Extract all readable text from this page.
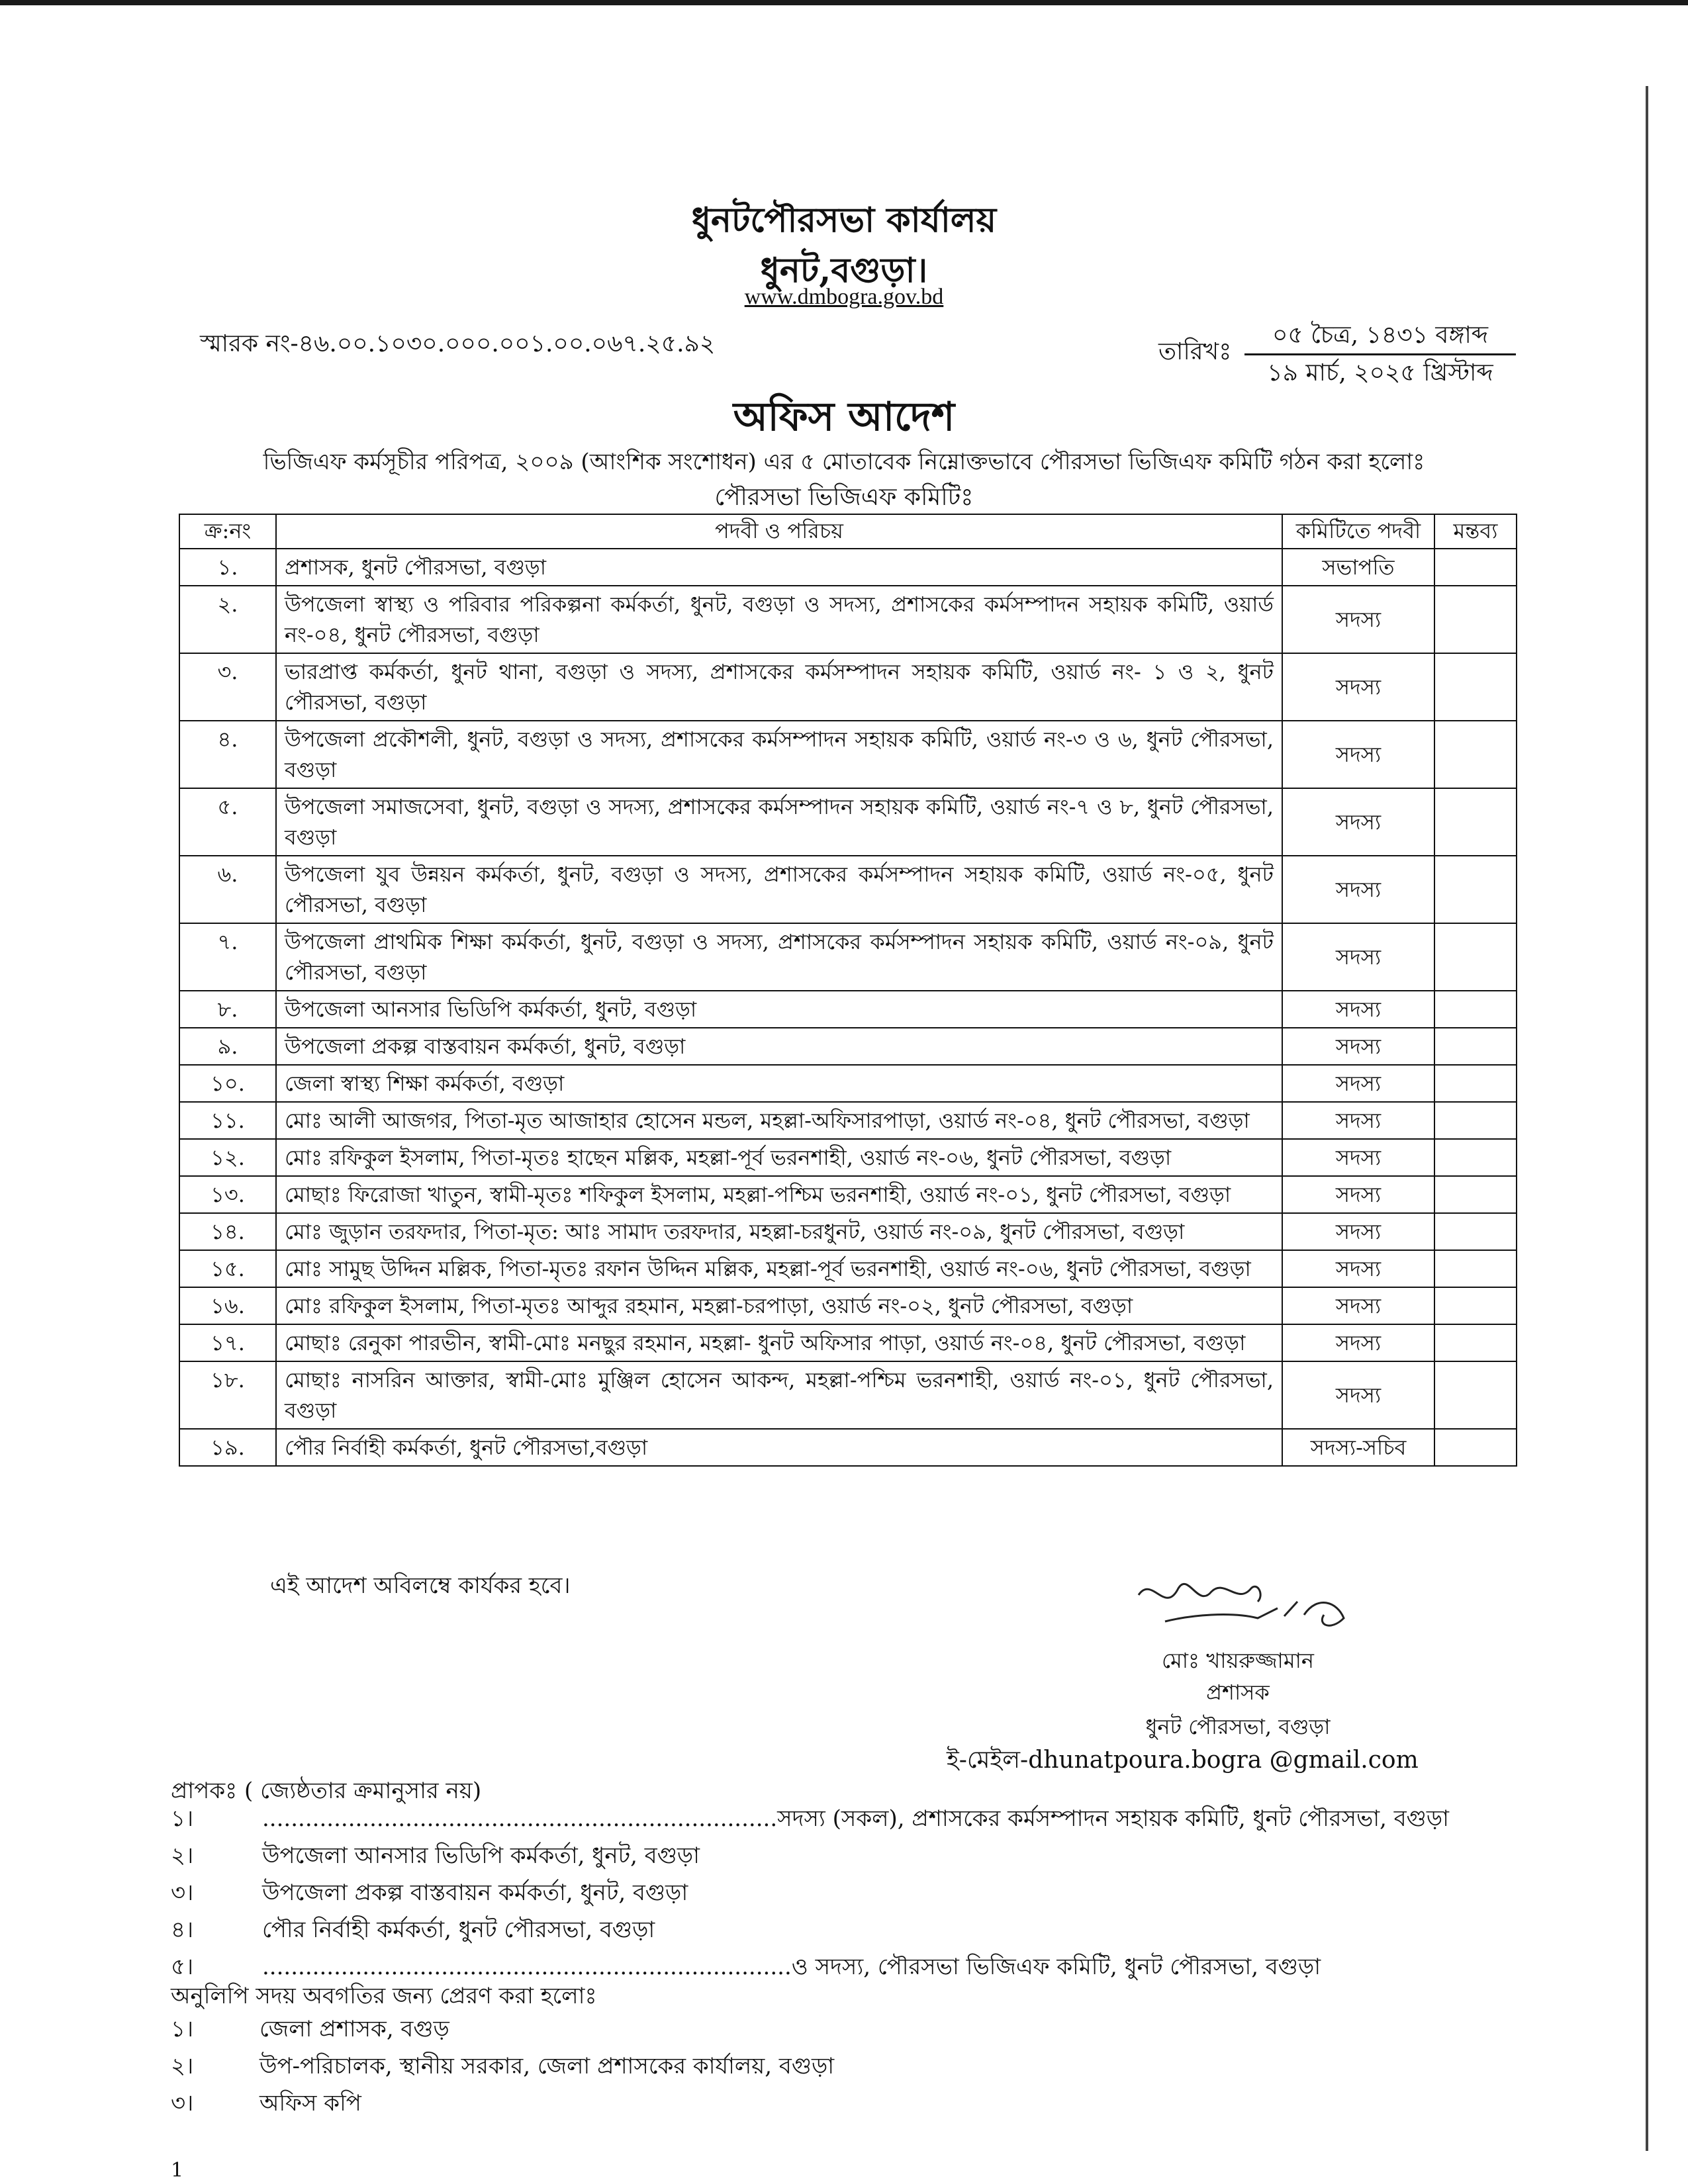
ধুনটপৌরসভা কার্যালয়
ধুনট,বগুড়া।
www.dmbogra.gov.bd
স্মারক নং-৪৬.০০.১০৩০.০০০.০০১.০০.০৬৭.২৫.৯২	তারিখঃ
০৫ চৈত্র, ১৪৩১ বঙ্গাব্দ
১৯ মার্চ, ২০২৫ খ্রিস্টাব্দ
অফিস আদেশ
ভিজিএফ কর্মসূচীর পরিপত্র, ২০০৯ (আংশিক সংশোধন) এর ৫ মোতাবেক নিম্নোক্তভাবে পৌরসভা ভিজিএফ কমিটি গঠন করা হলোঃ
পৌরসভা ভিজিএফ কমিটিঃ
ক্র:নং	পদবী ও পরিচয়	কমিটিতে পদবী	মন্তব্য
১.	প্রশাসক, ধুনট পৌরসভা, বগুড়া	সভাপতি	
২.	উপজেলা স্বাস্থ্য ও পরিবার পরিকল্পনা কর্মকর্তা, ধুনট, বগুড়া ও সদস্য, প্রশাসকের কর্মসম্পাদন সহায়ক কমিটি, ওয়ার্ড নং-০৪, ধুনট পৌরসভা, বগুড়া	সদস্য	
৩.	ভারপ্রাপ্ত কর্মকর্তা, ধুনট থানা, বগুড়া ও সদস্য, প্রশাসকের কর্মসম্পাদন সহায়ক কমিটি, ওয়ার্ড নং- ১ ও ২, ধুনট পৌরসভা, বগুড়া	সদস্য	
৪.	উপজেলা প্রকৌশলী, ধুনট, বগুড়া ও সদস্য, প্রশাসকের কর্মসম্পাদন সহায়ক কমিটি, ওয়ার্ড নং-৩ ও ৬, ধুনট পৌরসভা, বগুড়া	সদস্য	
৫.	উপজেলা সমাজসেবা, ধুনট, বগুড়া ও সদস্য, প্রশাসকের কর্মসম্পাদন সহায়ক কমিটি, ওয়ার্ড নং-৭ ও ৮, ধুনট পৌরসভা, বগুড়া	সদস্য	
৬.	উপজেলা যুব উন্নয়ন কর্মকর্তা, ধুনট, বগুড়া ও সদস্য, প্রশাসকের কর্মসম্পাদন সহায়ক কমিটি, ওয়ার্ড নং-০৫, ধুনট পৌরসভা, বগুড়া	সদস্য	
৭.	উপজেলা প্রাথমিক শিক্ষা কর্মকর্তা, ধুনট, বগুড়া ও সদস্য, প্রশাসকের কর্মসম্পাদন সহায়ক কমিটি, ওয়ার্ড নং-০৯, ধুনট পৌরসভা, বগুড়া	সদস্য	
৮.	উপজেলা আনসার ভিডিপি কর্মকর্তা, ধুনট, বগুড়া	সদস্য	
৯.	উপজেলা প্রকল্প বাস্তবায়ন কর্মকর্তা, ধুনট, বগুড়া	সদস্য	
১০.	জেলা স্বাস্থ্য শিক্ষা কর্মকর্তা, বগুড়া	সদস্য	
১১.	মোঃ আলী আজগর, পিতা-মৃত আজাহার হোসেন মন্ডল, মহল্লা-অফিসারপাড়া, ওয়ার্ড নং-০৪, ধুনট পৌরসভা, বগুড়া	সদস্য	
১২.	মোঃ রফিকুল ইসলাম, পিতা-মৃতঃ হাছেন মল্লিক, মহল্লা-পূর্ব ভরনশাহী, ওয়ার্ড নং-০৬, ধুনট পৌরসভা, বগুড়া	সদস্য	
১৩.	মোছাঃ ফিরোজা খাতুন, স্বামী-মৃতঃ শফিকুল ইসলাম, মহল্লা-পশ্চিম ভরনশাহী, ওয়ার্ড নং-০১, ধুনট পৌরসভা, বগুড়া	সদস্য	
১৪.	মোঃ জুড়ান তরফদার, পিতা-মৃত: আঃ সামাদ তরফদার, মহল্লা-চরধুনট, ওয়ার্ড নং-০৯, ধুনট পৌরসভা, বগুড়া	সদস্য	
১৫.	মোঃ সামুছ উদ্দিন মল্লিক, পিতা-মৃতঃ রফান উদ্দিন মল্লিক, মহল্লা-পূর্ব ভরনশাহী, ওয়ার্ড নং-০৬, ধুনট পৌরসভা, বগুড়া	সদস্য	
১৬.	মোঃ রফিকুল ইসলাম, পিতা-মৃতঃ আব্দুর রহমান, মহল্লা-চরপাড়া, ওয়ার্ড নং-০২, ধুনট পৌরসভা, বগুড়া	সদস্য	
১৭.	মোছাঃ রেনুকা পারভীন, স্বামী-মোঃ মনছুর রহমান, মহল্লা- ধুনট অফিসার পাড়া, ওয়ার্ড নং-০৪, ধুনট পৌরসভা, বগুড়া	সদস্য	
১৮.	মোছাঃ নাসরিন আক্তার, স্বামী-মোঃ মুঞ্জিল হোসেন আকন্দ, মহল্লা-পশ্চিম ভরনশাহী, ওয়ার্ড নং-০১, ধুনট পৌরসভা, বগুড়া	সদস্য	
১৯.	পৌর নির্বাহী কর্মকর্তা, ধুনট পৌরসভা,বগুড়া	সদস্য-সচিব	
এই আদেশ অবিলম্বে কার্যকর হবে।
মোঃ খায়রুজ্জামান
প্রশাসক
ধুনট পৌরসভা, বগুড়া
ই-মেইল-dhunatpoura.bogra @gmail.com
প্রাপকঃ ( জ্যেষ্ঠতার ক্রমানুসার নয়)
১।	........................................................................সদস্য (সকল), প্রশাসকের কর্মসম্পাদন সহায়ক কমিটি, ধুনট পৌরসভা, বগুড়া
২।	উপজেলা আনসার ভিডিপি কর্মকর্তা, ধুনট, বগুড়া
৩।	উপজেলা প্রকল্প বাস্তবায়ন কর্মকর্তা, ধুনট, বগুড়া
৪।	পৌর নির্বাহী কর্মকর্তা, ধুনট পৌরসভা, বগুড়া
৫।	..........................................................................ও সদস্য, পৌরসভা ভিজিএফ কমিটি, ধুনট পৌরসভা, বগুড়া
অনুলিপি সদয় অবগতির জন্য প্রেরণ করা হলোঃ
১।	জেলা প্রশাসক, বগুড়
২।	উপ-পরিচালক, স্থানীয় সরকার, জেলা প্রশাসকের কার্যালয়, বগুড়া
৩।	অফিস কপি
1
